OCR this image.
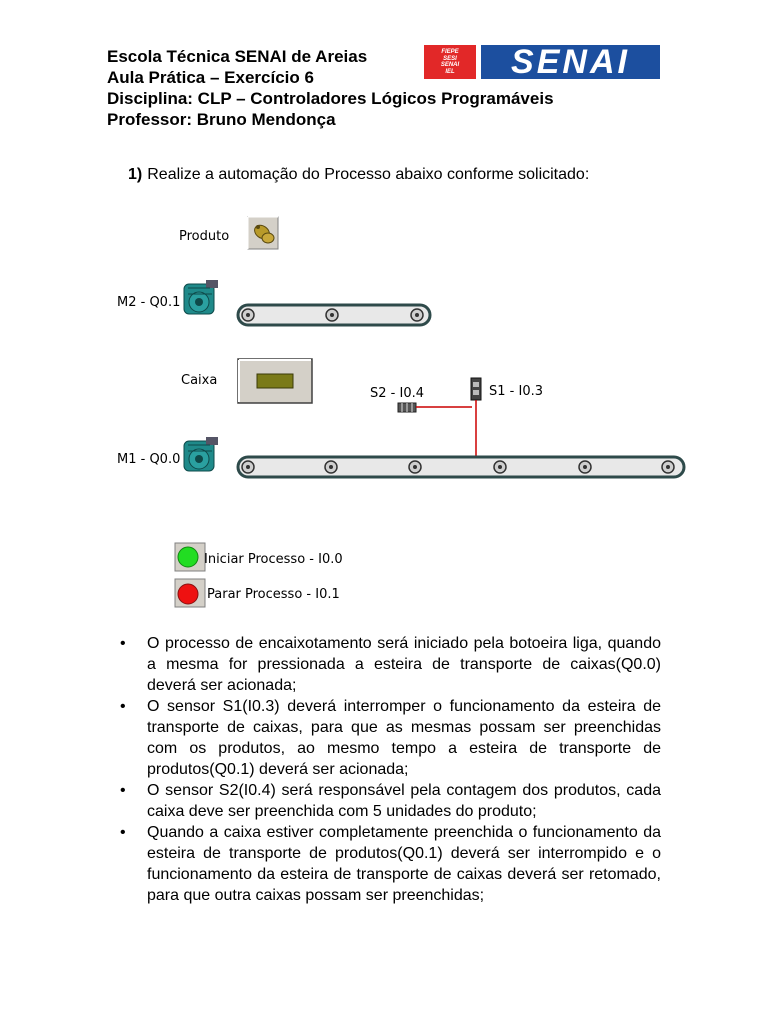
Escola Técnica SENAI de Areias
Aula Prática – Exercício 6
Disciplina: CLP – Controladores Lógicos Programáveis
Professor: Bruno Mendonça
FIEPE
SESI
SENAI
IEL	SENAI
1) Realize a automação do Processo abaixo conforme solicitado:
Produto
M2 - Q0.1
Caixa
S2 - I0.4	S1 - I0.3
M1 - Q0.0
Iniciar Processo - I0.0
Parar Processo - I0.1
• O processo de encaixotamento será iniciado pela botoeira liga, quando a mesma for pressionada a esteira de transporte de caixas(Q0.0) deverá ser acionada;
• O sensor S1(I0.3) deverá interromper o funcionamento da esteira de transporte de caixas, para que as mesmas possam ser preenchidas com os produtos, ao mesmo tempo a esteira de transporte de produtos(Q0.1) deverá ser acionada;
• O sensor S2(I0.4) será responsável pela contagem dos produtos, cada caixa deve ser preenchida com 5 unidades do produto;
• Quando a caixa estiver completamente preenchida o funcionamento da esteira de transporte de produtos(Q0.1) deverá ser interrompido e o funcionamento da esteira de transporte de caixas deverá ser retomado, para que outra caixas possam ser preenchidas;
